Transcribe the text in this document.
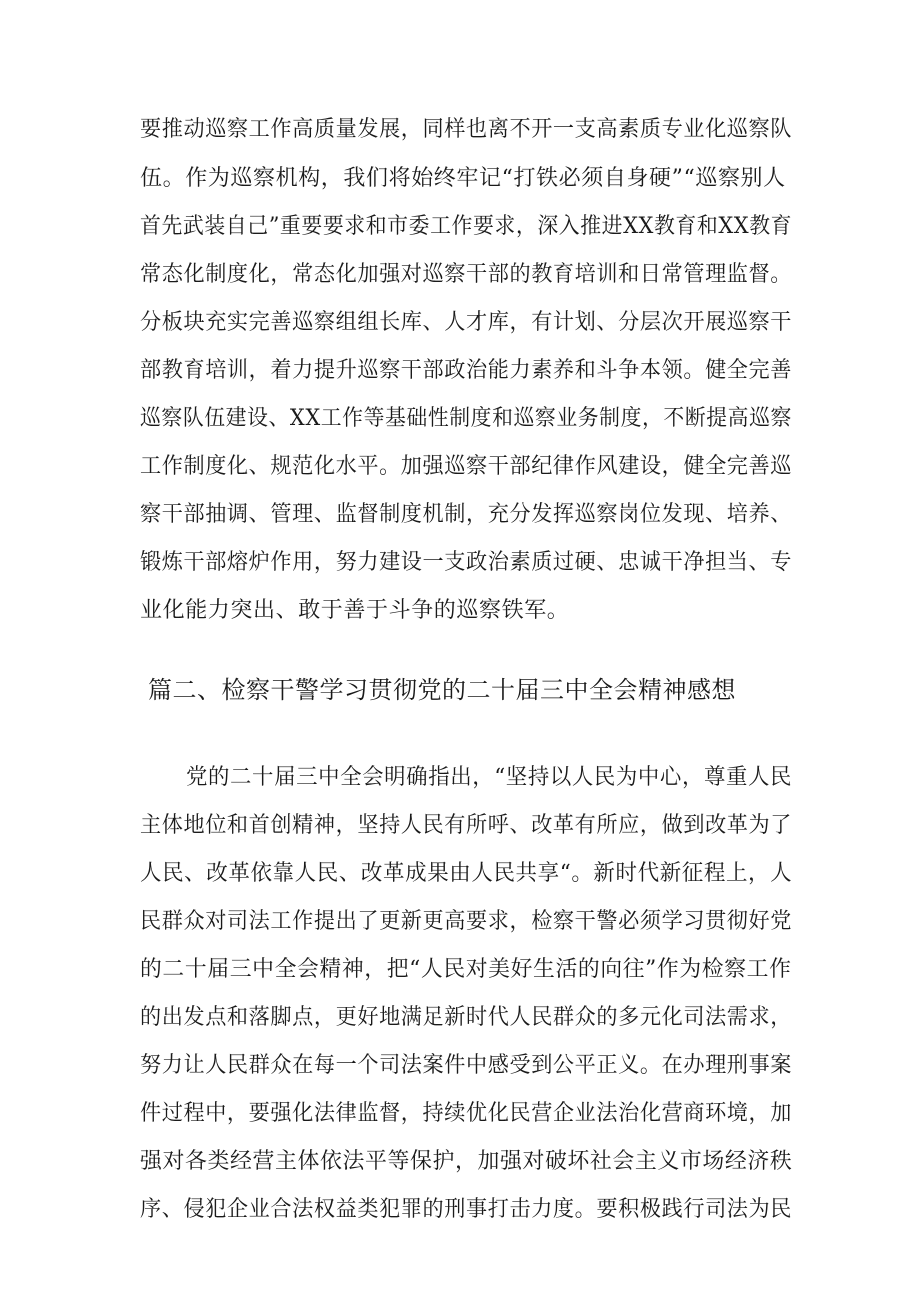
要推动巡察工作高质量发展，同样也离不开一支高素质专业化巡察队
伍。作为巡察机构，我们将始终牢记“打铁必须自身硬”“巡察别人
首先武装自己”重要要求和市委工作要求，深入推进XX教育和XX教育
常态化制度化，常态化加强对巡察干部的教育培训和日常管理监督。
分板块充实完善巡察组组长库、人才库，有计划、分层次开展巡察干
部教育培训，着力提升巡察干部政治能力素养和斗争本领。健全完善
巡察队伍建设、XX工作等基础性制度和巡察业务制度，不断提高巡察
工作制度化、规范化水平。加强巡察干部纪律作风建设，健全完善巡
察干部抽调、管理、监督制度机制，充分发挥巡察岗位发现、培养、
锻炼干部熔炉作用，努力建设一支政治素质过硬、忠诚干净担当、专
业化能力突出、敢于善于斗争的巡察铁军。
篇二、检察干警学习贯彻党的二十届三中全会精神感想
党的二十届三中全会明确指出，“坚持以人民为中心，尊重人民
主体地位和首创精神，坚持人民有所呼、改革有所应，做到改革为了
人民、改革依靠人民、改革成果由人民共享“。新时代新征程上，人
民群众对司法工作提出了更新更高要求，检察干警必须学习贯彻好党
的二十届三中全会精神，把“人民对美好生活的向往”作为检察工作
的出发点和落脚点，更好地满足新时代人民群众的多元化司法需求，
努力让人民群众在每一个司法案件中感受到公平正义。在办理刑事案
件过程中，要强化法律监督，持续优化民营企业法治化营商环境，加
强对各类经营主体依法平等保护，加强对破坏社会主义市场经济秩
序、侵犯企业合法权益类犯罪的刑事打击力度。要积极践行司法为民
